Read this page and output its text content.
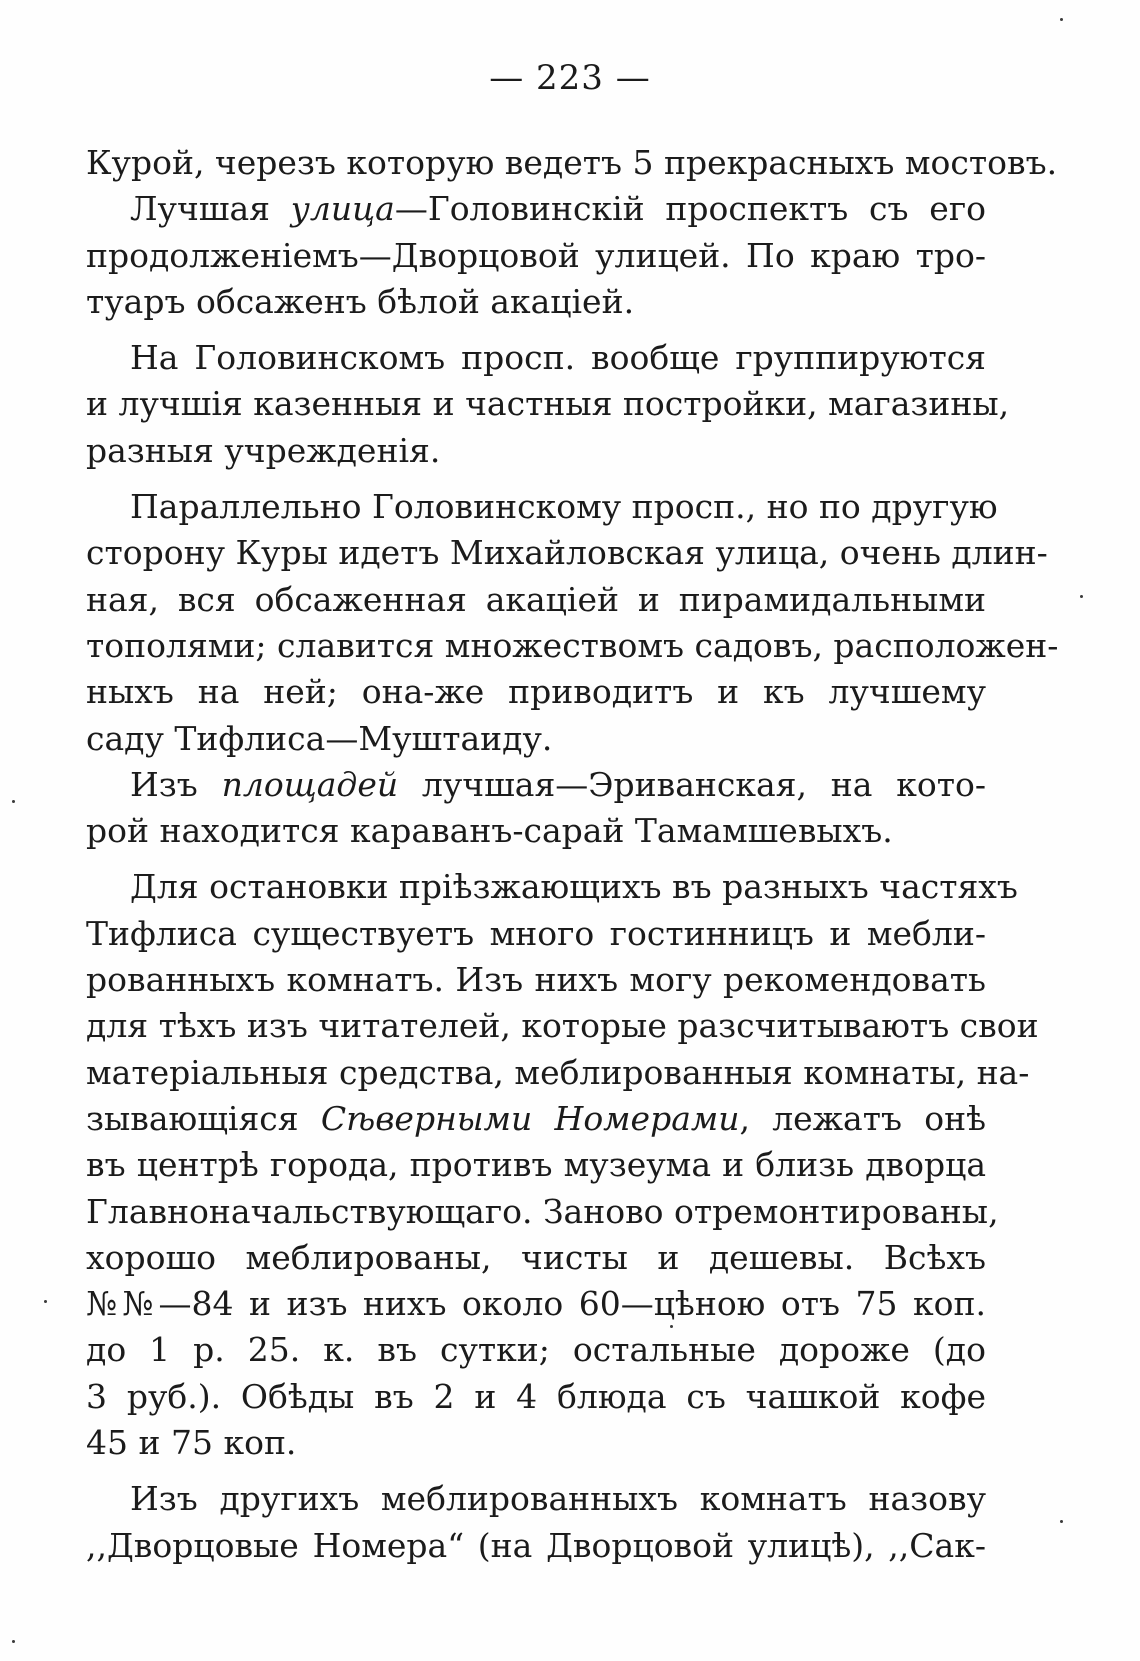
— 223 —
Курой, черезъ которую ведетъ 5 прекрасныхъ мостовъ.
Лучшая улица—Головинскій проспектъ съ его
продолженіемъ—Дворцовой улицей. По краю тро-
туаръ обсаженъ бѣлой акаціей.
На Головинскомъ просп. вообще группируются
и лучшія казенныя и частныя постройки, магазины,
разныя учрежденія.
Параллельно Головинскому просп., но по другую
сторону Куры идетъ Михайловская улица, очень длин-
ная, вся обсаженная акаціей и пирамидальными
тополями; славится множествомъ садовъ, расположен-
ныхъ на ней; она-же приводитъ и къ лучшему
саду Тифлиса—Муштаиду.
Изъ площадей лучшая—Эриванская, на кото-
рой находится караванъ-сарай Тамамшевыхъ.
Для остановки пріѣзжающихъ въ разныхъ частяхъ
Тифлиса существуетъ много гостинницъ и мебли-
рованныхъ комнатъ. Изъ нихъ могу рекомендовать
для тѣхъ изъ читателей, которые разсчитываютъ свои
матеріальныя средства, меблированныя комнаты, на-
зывающіяся Сѣверными Номерами, лежатъ онѣ
въ центрѣ города, противъ музеума и близь дворца
Главноначальствующаго. Заново отремонтированы,
хорошо меблированы, чисты и дешевы. Всѣхъ
№№—84 и изъ нихъ около 60—цѣною отъ 75 коп.
до 1 р. 25. к. въ сутки; остальные дороже (до
3 руб.). Обѣды въ 2 и 4 блюда съ чашкой кофе
45 и 75 коп.
Изъ другихъ меблированныхъ комнатъ назову
,,Дворцовые Номера“ (на Дворцовой улицѣ), ,,Сак-
